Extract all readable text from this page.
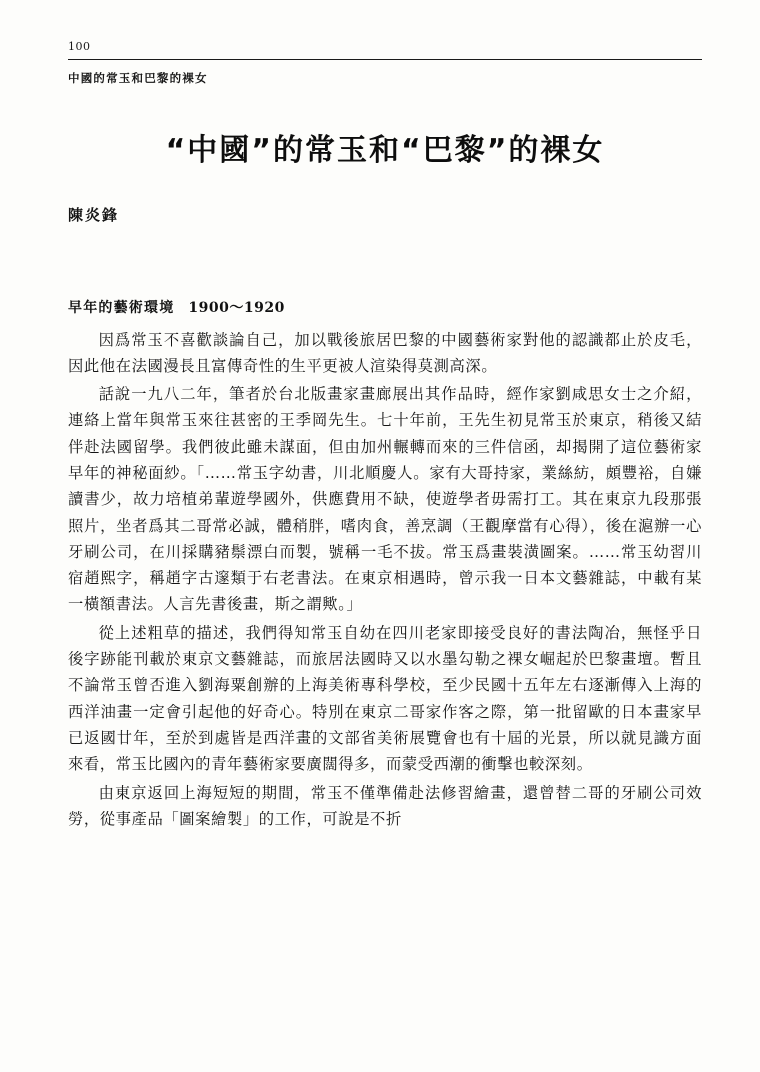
100
中國的常玉和巴黎的裸女
“中國”的常玉和“巴黎”的裸女
陳炎鋒
早年的藝術環境 1900～1920

因爲常玉不喜歡談論自己，加以戰後旅居巴黎的中國藝術家對他的認識都止於皮毛，因此他在法國漫長且富傳奇性的生平更被人渲染得莫測高深。

話說一九八二年，筆者於台北版畫家畫廊展出其作品時，經作家劉咸思女士之介紹，連絡上當年與常玉來往甚密的王季岡先生。七十年前，王先生初見常玉於東京，稍後又結伴赴法國留學。我們彼此雖未謀面，但由加州輾轉而來的三件信函，却揭開了這位藝術家早年的神秘面紗。「……常玉字幼書，川北順慶人。家有大哥持家，業絲紡，頗豐裕，自嫌讀書少，故力培植弟輩遊學國外，供應費用不缺，使遊學者毋需打工。其在東京九段那張照片，坐者爲其二哥常必誠，體稍胖，嗜肉食，善烹調（王觀摩當有心得），後在滬辦一心牙刷公司，在川採購豬鬃漂白而製，號稱一毛不拔。常玉爲畫裝潢圖案。……常玉幼習川宿趙熙字，稱趙字古邃類于右老書法。在東京相遇時，曾示我一日本文藝雜誌，中載有某一橫額書法。人言先書後畫，斯之謂歟。」

從上述粗草的描述，我們得知常玉自幼在四川老家即接受良好的書法陶冶，無怪乎日後字跡能刊載於東京文藝雜誌，而旅居法國時又以水墨勾勒之裸女崛起於巴黎畫壇。暫且不論常玉曾否進入劉海粟創辦的上海美術專科學校，至少民國十五年左右逐漸傳入上海的西洋油畫一定會引起他的好奇心。特別在東京二哥家作客之際，第一批留歐的日本畫家早已返國廿年，至於到處皆是西洋畫的文部省美術展覽會也有十屆的光景，所以就見識方面來看，常玉比國內的青年藝術家要廣闊得多，而蒙受西潮的衝擊也較深刻。

由東京返回上海短短的期間，常玉不僅準備赴法修習繪畫，還曾替二哥的牙刷公司效勞，從事產品「圖案繪製」的工作，可說是不折
